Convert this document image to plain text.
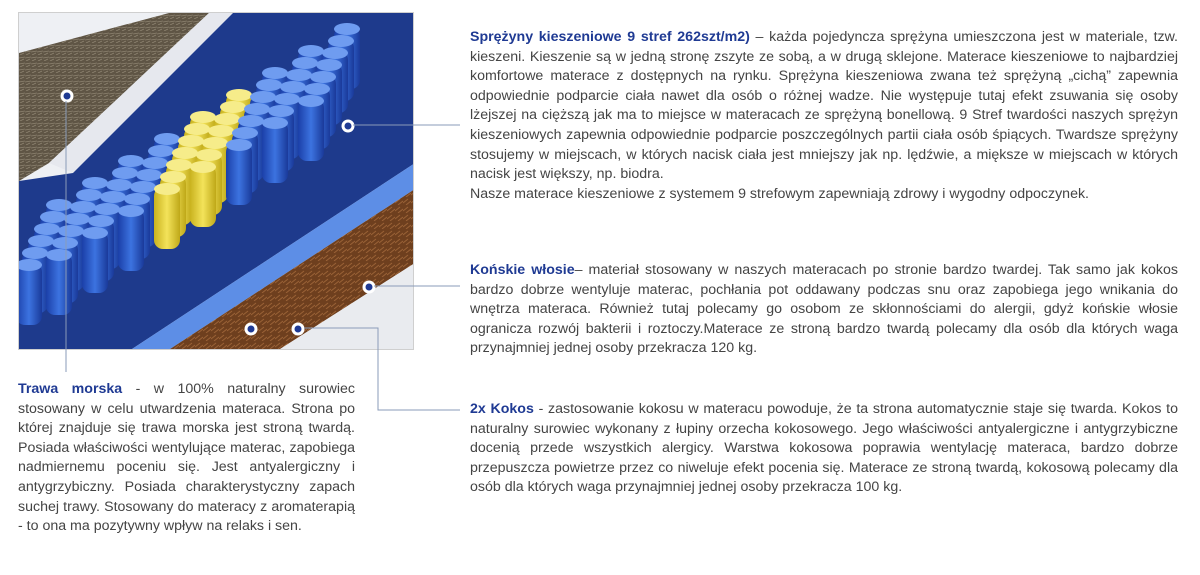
Sprężyny kieszeniowe 9 stref 262szt/m2) – każda pojedyncza sprężyna umieszczona jest w materiale, tzw. kieszeni. Kieszenie są w jedną stronę zszyte ze sobą, a w drugą sklejone. Materace kieszeniowe to najbardziej komfortowe materace z dostępnych na rynku. Sprężyna kieszeniowa zwana też sprężyną „cichą” zapewnia odpowiednie podparcie ciała nawet dla osób o różnej wadze. Nie występuje tutaj efekt zsuwania się osoby lżejszej na cięższą jak ma to miejsce w materacach ze sprężyną bonellową. 9 Stref twardości naszych sprężyn kieszeniowych zapewnia odpowiednie podparcie poszczególnych partii ciała osób śpiących. Twardsze sprężyny stosujemy w miejscach, w których nacisk ciała jest mniejszy jak np. lędźwie, a miększe w miejscach w których nacisk jest większy, np. biodra.

Nasze materace kieszeniowe z systemem 9 strefowym zapewniają zdrowy i wygodny odpoczynek.

Końskie włosie– materiał stosowany w naszych materacach po stronie bardzo twardej. Tak samo jak kokos bardzo dobrze wentyluje materac, pochłania pot oddawany podczas snu oraz zapobiega jego wnikania do wnętrza materaca. Również tutaj polecamy go osobom ze skłonnościami do alergii, gdyż końskie włosie ogranicza rozwój bakterii i roztoczy.Materace ze stroną bardzo twardą polecamy dla osób dla których waga przynajmniej jednej osoby przekracza 120 kg.

2x Kokos - zastosowanie kokosu w materacu powoduje, że ta strona automatycznie staje się twarda. Kokos to naturalny surowiec wykonany z łupiny orzecha kokosowego. Jego właściwości antyalergiczne i antygrzybiczne docenią przede wszystkich alergicy. Warstwa kokosowa poprawia wentylację materaca, bardzo dobrze przepuszcza powietrze przez co niweluje efekt pocenia się. Materace ze stroną twardą, kokosową polecamy dla osób dla których waga przynajmniej jednej osoby przekracza 100 kg.

Trawa morska - w 100% naturalny surowiec stosowany w celu utwardzenia materaca. Strona po której znajduje się trawa morska jest stroną twardą. Posiada właściwości wentylujące materac, zapobiega nadmiernemu poceniu się. Jest antyalergiczny i antygrzybiczny. Posiada charakterystyczny zapach suchej trawy. Stosowany do materacy z aromaterapią - to ona ma pozytywny wpływ na relaks i sen.
